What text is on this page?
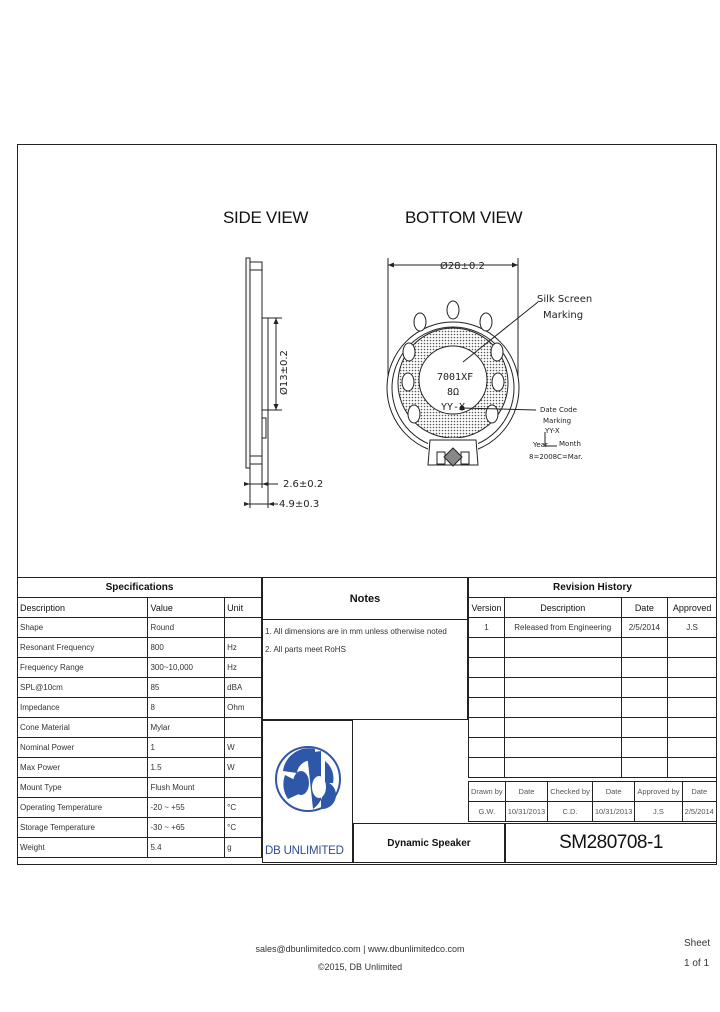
SIDE VIEW	BOTTOM VIEW
Ø13±0.2
2.6±0.2
4.9±0.3
Ø28±0.2
7001XF
8Ω
YY-X
Silk Screen
Marking
Date Code
Marking
YY-X
Year Month
8=2008 C=Mar.
Specifications		
Description	Value	Unit
Shape	Round	
Resonant Frequency	800	Hz
Frequency Range	300~10,000	Hz
SPL@10cm	85	dBA
Impedance	8	Ohm
Cone Material	Mylar	
Nominal Power	1	W
Max Power	1.5	W
Mount Type	Flush Mount	
Operating Temperature	-20 ~ +55	°C
Storage Temperature	-30 ~ +65	°C
Weight	5.4	g
Notes
1. All dimensions are in mm unless otherwise noted
2. All parts meet RoHS
Revision History			
Version	Description	Date	Approved
1	Released from Engineering	2/5/2014	J.S

Drawn by	Date	Checked by	Date	Approved by	Date
G.W.	10/31/2013	C.D.	10/31/2013	J.S	2/5/2014
DB UNLIMITED
Dynamic Speaker	SM280708-1
sales@dbunlimitedco.com | www.dbunlimitedco.com
©2015, DB Unlimited
Sheet
1 of 1
